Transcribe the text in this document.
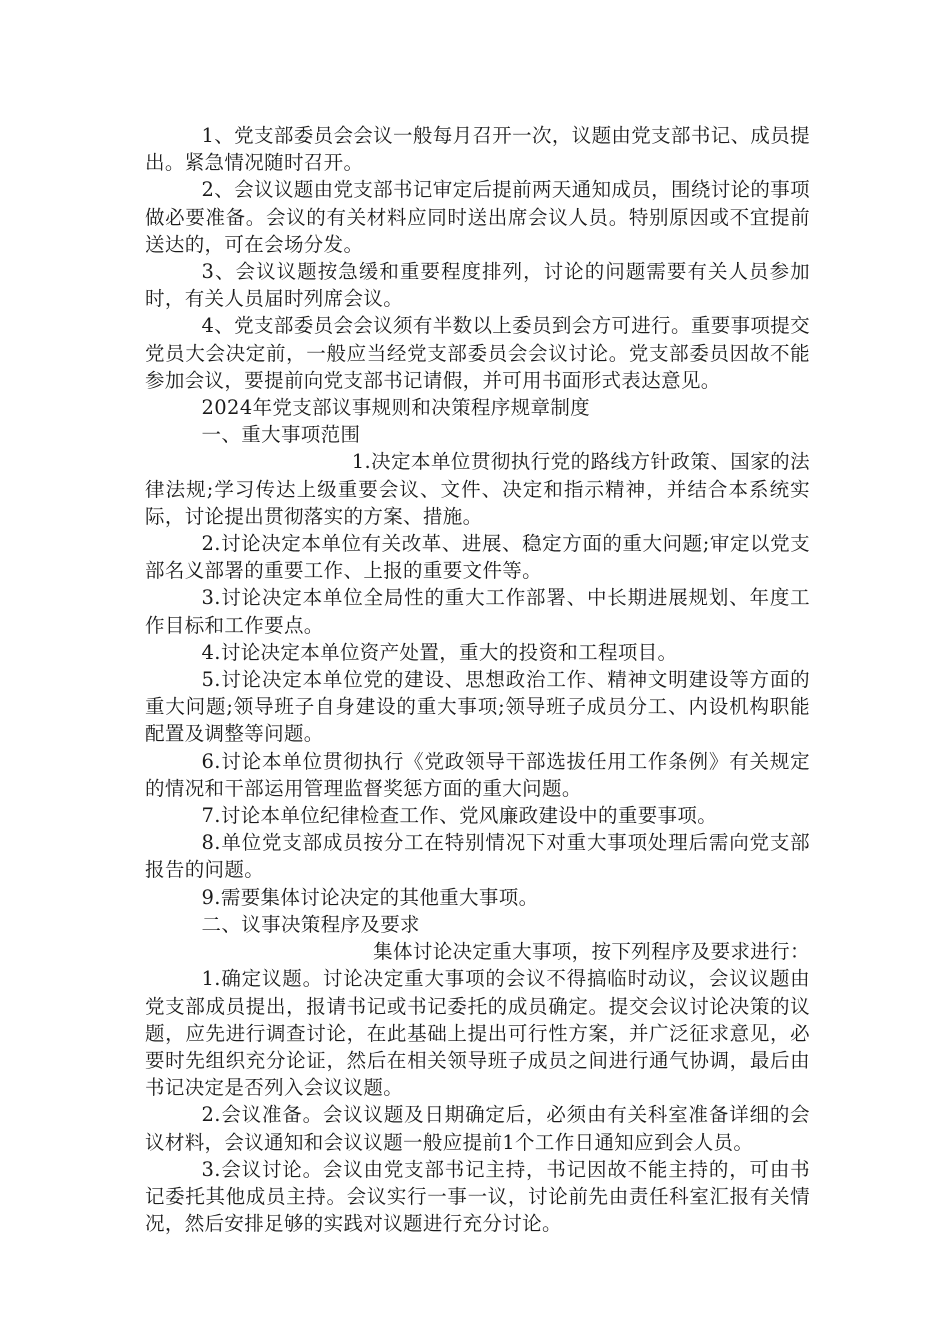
1、党支部委员会会议一般每月召开一次，议题由党支部书记、成员提出。紧急情况随时召开。

2、会议议题由党支部书记审定后提前两天通知成员，围绕讨论的事项做必要准备。会议的有关材料应同时送出席会议人员。特别原因或不宜提前送达的，可在会场分发。

3、会议议题按急缓和重要程度排列，讨论的问题需要有关人员参加时，有关人员届时列席会议。

4、党支部委员会会议须有半数以上委员到会方可进行。重要事项提交党员大会决定前，一般应当经党支部委员会会议讨论。党支部委员因故不能参加会议，要提前向党支部书记请假，并可用书面形式表达意见。

2024年党支部议事规则和决策程序规章制度

一、重大事项范围

1.决定本单位贯彻执行党的路线方针政策、国家的法律法规;学习传达上级重要会议、文件、决定和指示精神，并结合本系统实际，讨论提出贯彻落实的方案、措施。

2.讨论决定本单位有关改革、进展、稳定方面的重大问题;审定以党支部名义部署的重要工作、上报的重要文件等。

3.讨论决定本单位全局性的重大工作部署、中长期进展规划、年度工作目标和工作要点。

4.讨论决定本单位资产处置，重大的投资和工程项目。

5.讨论决定本单位党的建设、思想政治工作、精神文明建设等方面的重大问题;领导班子自身建设的重大事项;领导班子成员分工、内设机构职能配置及调整等问题。

6.讨论本单位贯彻执行《党政领导干部选拔任用工作条例》有关规定的情况和干部运用管理监督奖惩方面的重大问题。

7.讨论本单位纪律检查工作、党风廉政建设中的重要事项。

8.单位党支部成员按分工在特别情况下对重大事项处理后需向党支部报告的问题。

9.需要集体讨论决定的其他重大事项。

二、议事决策程序及要求

集体讨论决定重大事项，按下列程序及要求进行：

1.确定议题。讨论决定重大事项的会议不得搞临时动议，会议议题由党支部成员提出，报请书记或书记委托的成员确定。提交会议讨论决策的议题，应先进行调查讨论，在此基础上提出可行性方案，并广泛征求意见，必要时先组织充分论证，然后在相关领导班子成员之间进行通气协调，最后由书记决定是否列入会议议题。

2.会议准备。会议议题及日期确定后，必须由有关科室准备详细的会议材料，会议通知和会议议题一般应提前1个工作日通知应到会人员。

3.会议讨论。会议由党支部书记主持，书记因故不能主持的，可由书记委托其他成员主持。会议实行一事一议，讨论前先由责任科室汇报有关情况，然后安排足够的实践对议题进行充分讨论。
